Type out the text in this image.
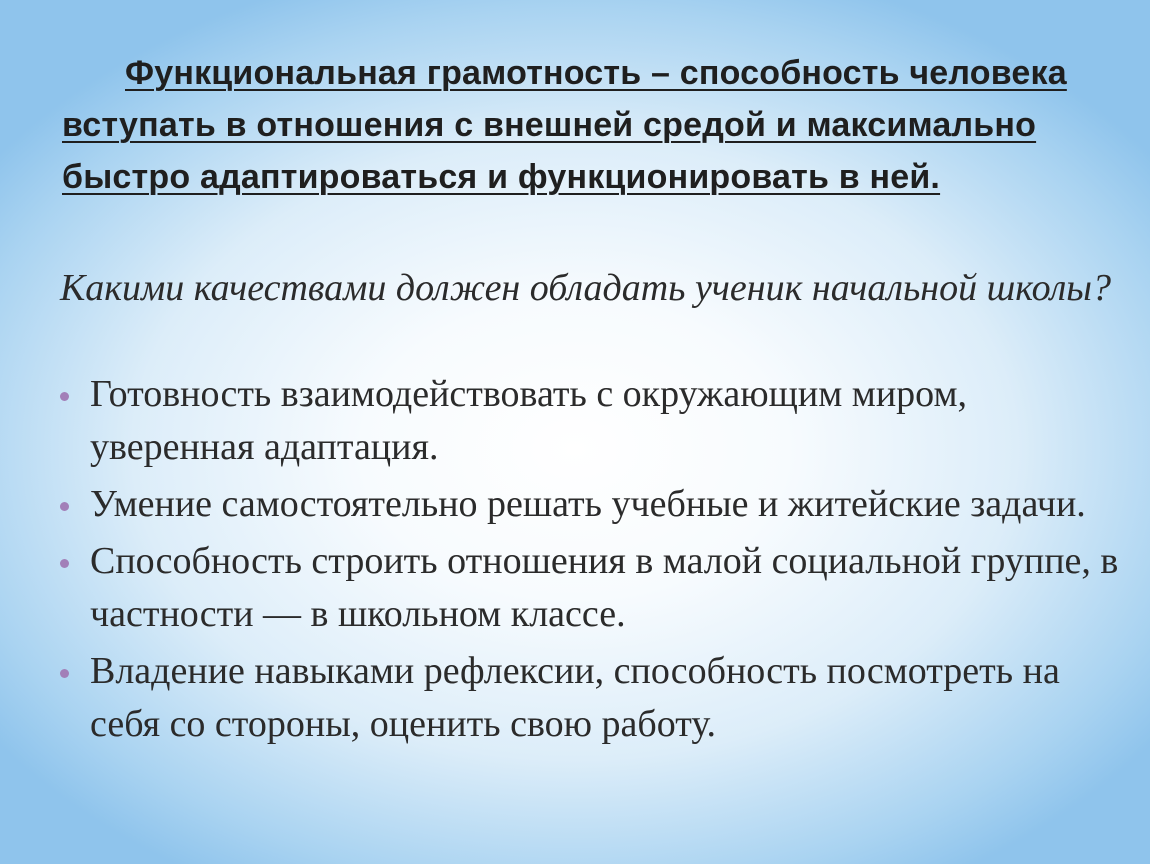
Функциональная грамотность – способность человека вступать в отношения с внешней средой и максимально быстро адаптироваться и функционировать в ней.

Какими качествами должен обладать ученик начальной школы?

Готовность взаимодействовать с окружающим миром, уверенная адаптация.
Умение самостоятельно решать учебные и житейские задачи.
Способность строить отношения в малой социальной группе, в частности — в школьном классе.
Владение навыками рефлексии, способность посмотреть на себя со стороны, оценить свою работу.
